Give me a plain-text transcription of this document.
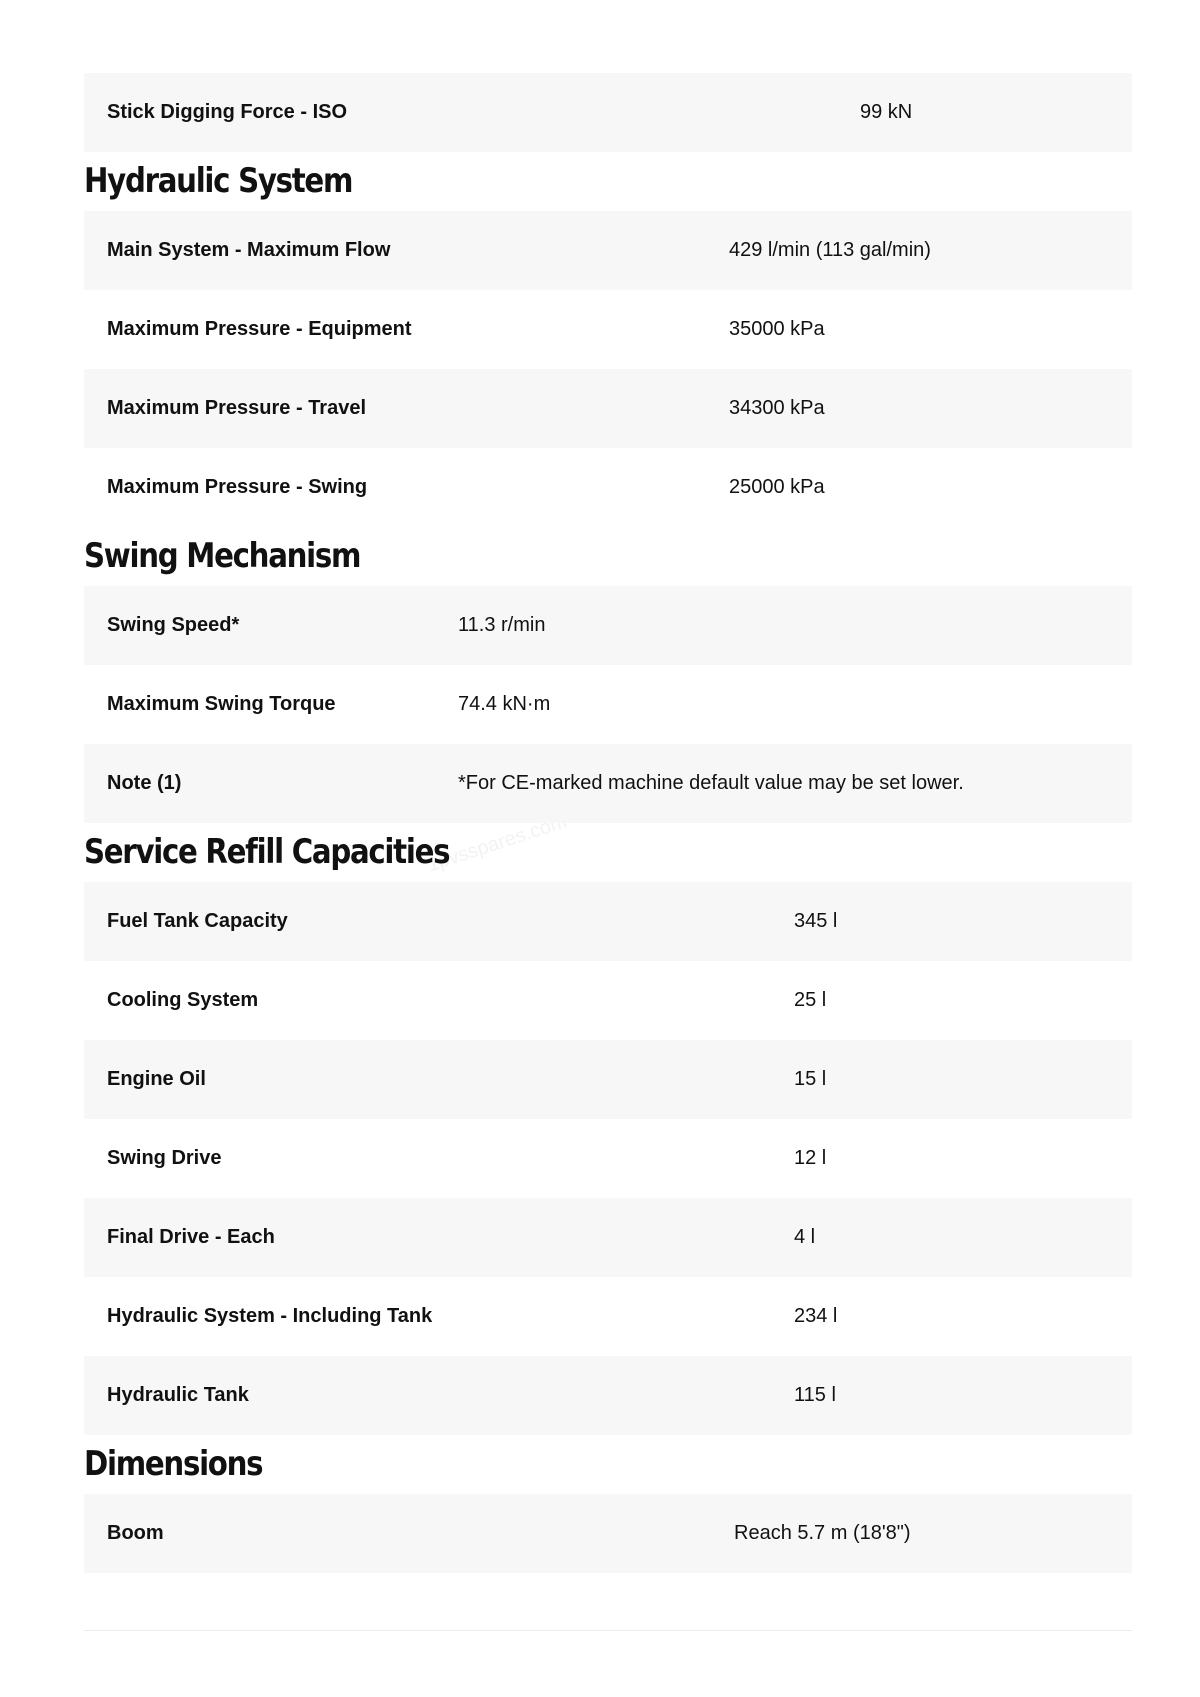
1pvsspares.com
Stick Digging Force - ISO	99 kN
Hydraulic System
Main System - Maximum Flow	429 l/min (113 gal/min)
Maximum Pressure - Equipment	35000 kPa
Maximum Pressure - Travel	34300 kPa
Maximum Pressure - Swing	25000 kPa
Swing Mechanism
Swing Speed*	11.3 r/min
Maximum Swing Torque	74.4 kN·m
Note (1)	*For CE-marked machine default value may be set lower.
Service Refill Capacities
Fuel Tank Capacity	345 l
Cooling System	25 l
Engine Oil	15 l
Swing Drive	12 l
Final Drive - Each	4 l
Hydraulic System - Including Tank	234 l
Hydraulic Tank	115 l
Dimensions
Boom	Reach 5.7 m (18'8")
